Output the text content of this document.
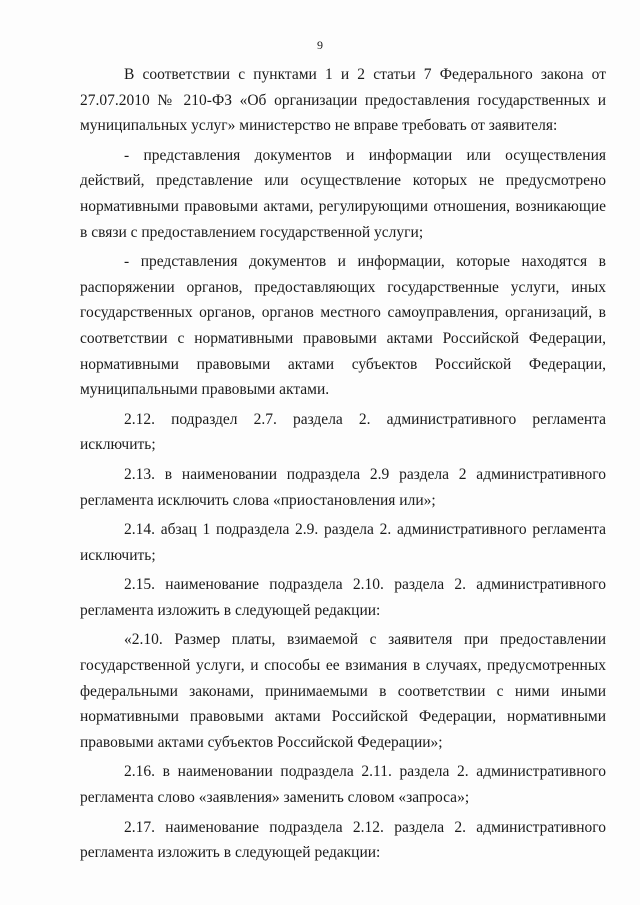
9

В соответствии с пунктами 1 и 2 статьи 7 Федерального закона от 27.07.2010 № 210-ФЗ «Об организации предоставления государственных и муниципальных услуг» министерство не вправе требовать от заявителя:

- представления документов и информации или осуществления действий, представление или осуществление которых не предусмотрено нормативными правовыми актами, регулирующими отношения, возникающие в связи с предоставлением государственной услуги;

- представления документов и информации, которые находятся в распоряжении органов, предоставляющих государственные услуги, иных государственных органов, органов местного самоуправления, организаций, в соответствии с нормативными правовыми актами Российской Федерации, нормативными правовыми актами субъектов Российской Федерации, муниципальными правовыми актами.

2.12. подраздел 2.7. раздела 2. административного регламента исключить;

2.13. в наименовании подраздела 2.9 раздела 2 административного регламента исключить слова «приостановления или»;

2.14. абзац 1 подраздела 2.9. раздела 2. административного регламента исключить;

2.15. наименование подраздела 2.10. раздела 2. административного регламента изложить в следующей редакции:

«2.10. Размер платы, взимаемой с заявителя при предоставлении государственной услуги, и способы ее взимания в случаях, предусмотренных федеральными законами, принимаемыми в соответствии с ними иными нормативными правовыми актами Российской Федерации, нормативными правовыми актами субъектов Российской Федерации»;

2.16. в наименовании подраздела 2.11. раздела 2. административного регламента слово «заявления» заменить словом «запроса»;

2.17. наименование подраздела 2.12. раздела 2. административного регламента изложить в следующей редакции:
